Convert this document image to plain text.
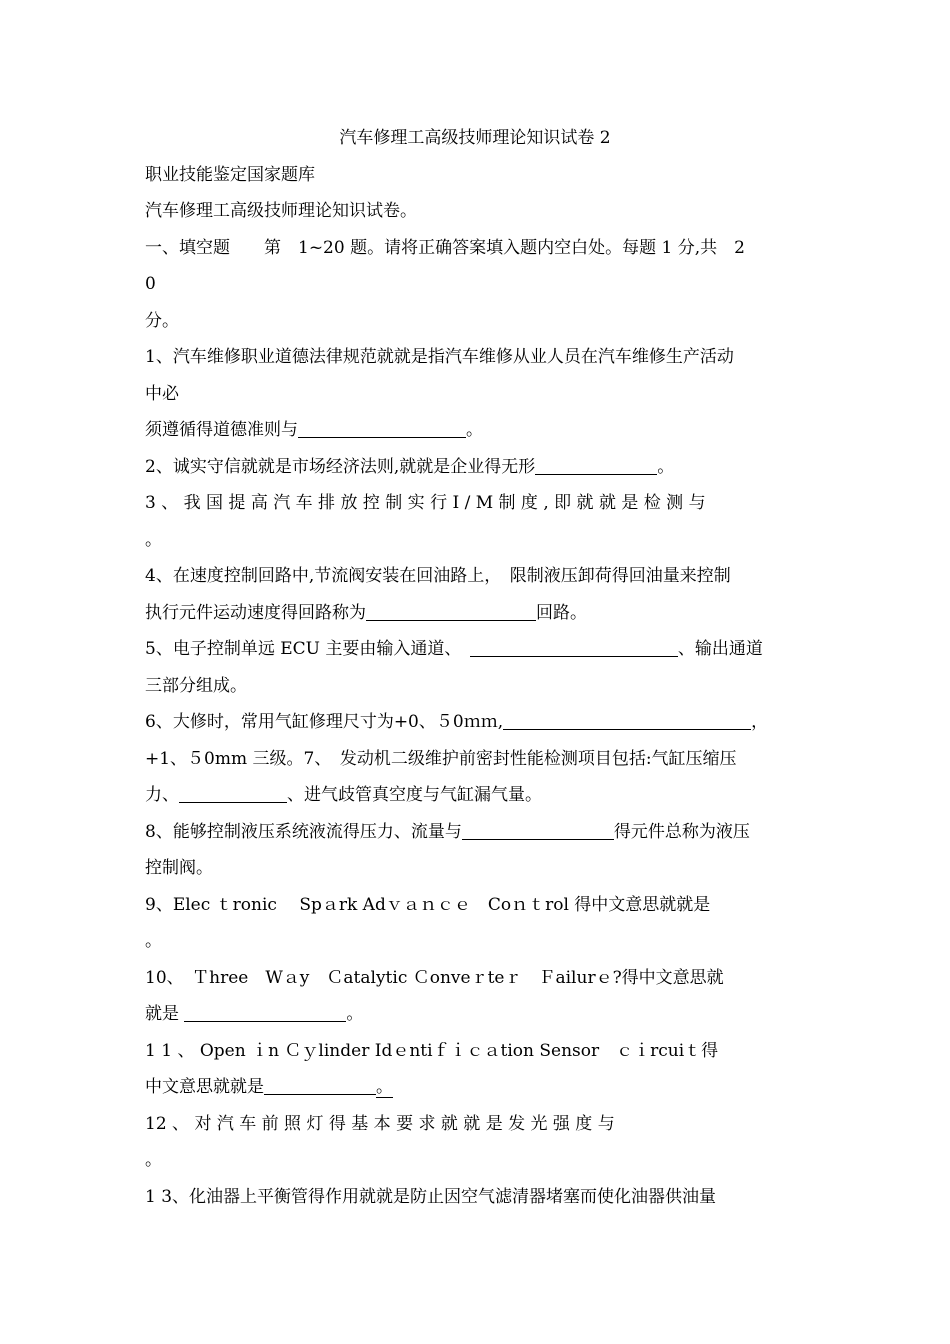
汽车修理工高级技师理论知识试卷 2
职业技能鉴定国家题库
汽车修理工高级技师理论知识试卷。
一、填空题　　第　1~20 题。请将正确答案填入题内空白处。每题 1 分,共　2
0
分。
1、汽车维修职业道德法律规范就就是指汽车维修从业人员在汽车维修生产活动
中必
须遵循得道德准则与	。
2、诚实守信就就是市场经济法则,就就是企业得无形	。
3 、 我 国 提 高 汽 车 排 放 控 制 实 行 I / M 制 度 , 即 就 就 是 检 测 与
。
4、在速度控制回路中,节流阀安装在回油路上，　限制液压卸荷得回油量来控制
执行元件运动速度得回路称为	回路。
5、电子控制单远 ECU 主要由输入通道、　	、输出通道
三部分组成。
6、大修时，常用气缸修理尺寸为+0、５0ｍｍ,	，
+1、５0mm 三级。7、　发动机二级维护前密封性能检测项目包括:气缸压缩压
力、	、进气歧管真空度与气缸漏气量。
8、能够控制液压系统液流得压力、流量与	得元件总称为液压
控制阀。
9、Elec ｔronic　 Spａrk Adｖａｎｃｅ　Coｎｔrol 得中文意思就就是
。
10、　Ｔhree　Wａy　Ｃatalytic Ｃonveｒteｒ　Ｆailurｅ?得中文意思就
就是	。
1 1 、 Open ｉn Ｃｙlinder Idｅntiｆｉｃａtion Sensor　ｃｉrcuiｔ得
中文意思就就是	。
12 、 对 汽 车 前 照 灯 得 基 本 要 求 就 就 是 发 光 强 度 与
。
1 3、化油器上平衡管得作用就就是防止因空气滤清器堵塞而使化油器供油量
